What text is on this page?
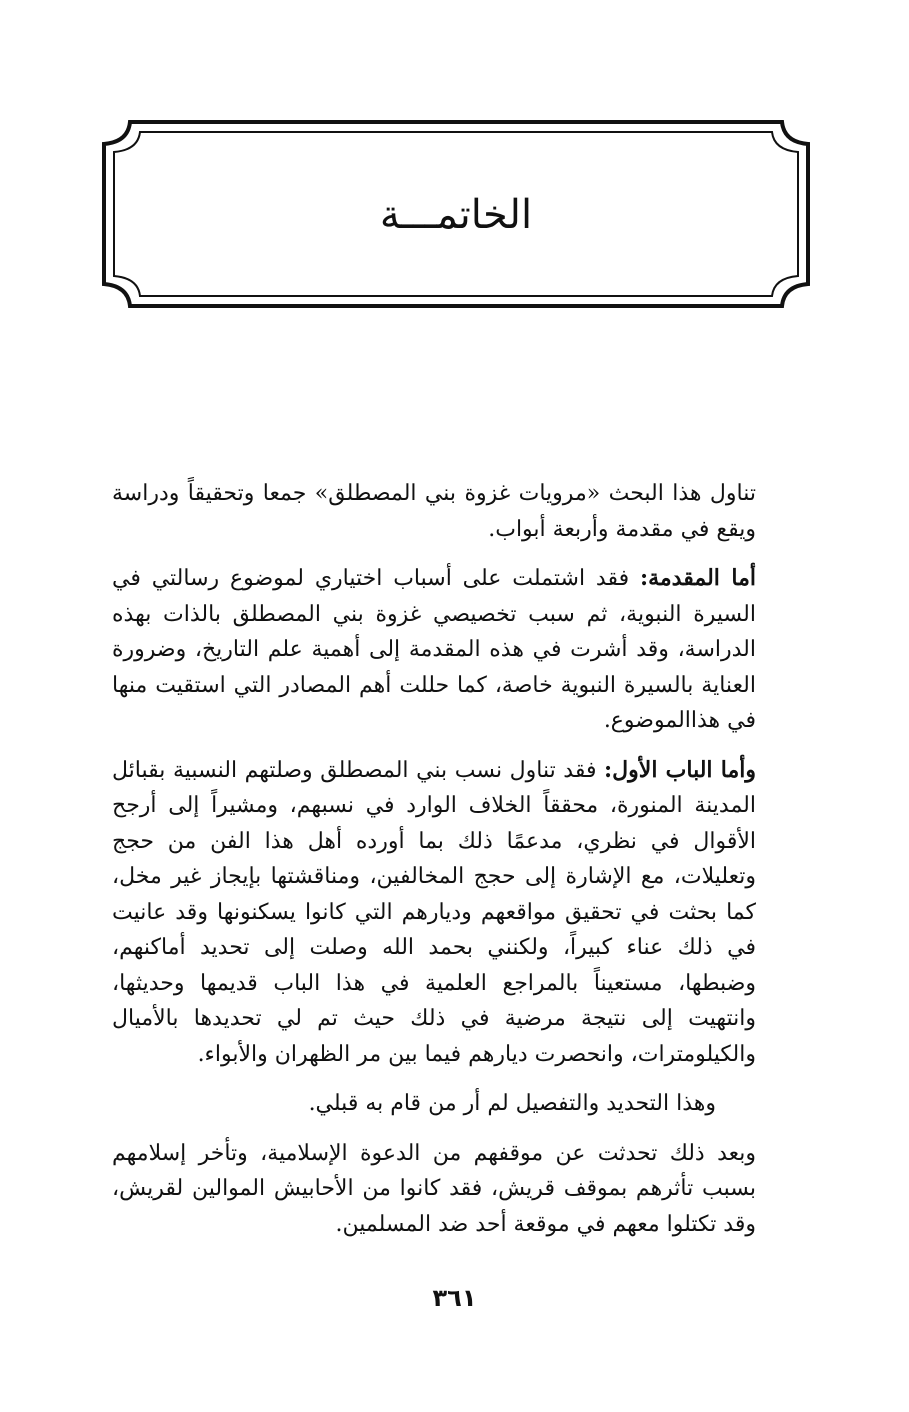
الخاتمـــة

تناول هذا البحث «مرويات غزوة بني المصطلق» جمعا وتحقيقاً ودراسة ويقع في مقدمة وأربعة أبواب.

أما المقدمة: فقد اشتملت على أسباب اختياري لموضوع رسالتي في السيرة النبوية، ثم سبب تخصيصي غزوة بني المصطلق بالذات بهذه الدراسة، وقد أشرت في هذه المقدمة إلى أهمية علم التاريخ، وضرورة العناية بالسيرة النبوية خاصة، كما حللت أهم المصادر التي استقيت منها في هذاالموضوع.

وأما الباب الأول: فقد تناول نسب بني المصطلق وصلتهم النسبية بقبائل المدينة المنورة، محققاً الخلاف الوارد في نسبهم، ومشيراً إلى أرجح الأقوال في نظري، مدعمًا ذلك بما أورده أهل هذا الفن من حجج وتعليلات، مع الإشارة إلى حجج المخالفين، ومناقشتها بإيجاز غير مخل، كما بحثت في تحقيق مواقعهم وديارهم التي كانوا يسكنونها وقد عانيت في ذلك عناء كبيراً، ولكنني بحمد الله وصلت إلى تحديد أماكنهم، وضبطها، مستعيناً بالمراجع العلمية في هذا الباب قديمها وحديثها، وانتهيت إلى نتيجة مرضية في ذلك حيث تم لي تحديدها بالأميال والكيلومترات، وانحصرت ديارهم فيما بين مر الظهران والأبواء.

وهذا التحديد والتفصيل لم أر من قام به قبلي.

وبعد ذلك تحدثت عن موقفهم من الدعوة الإسلامية، وتأخر إسلامهم بسبب تأثرهم بموقف قريش، فقد كانوا من الأحابيش الموالين لقريش، وقد تكتلوا معهم في موقعة أحد ضد المسلمين.

٣٦١
